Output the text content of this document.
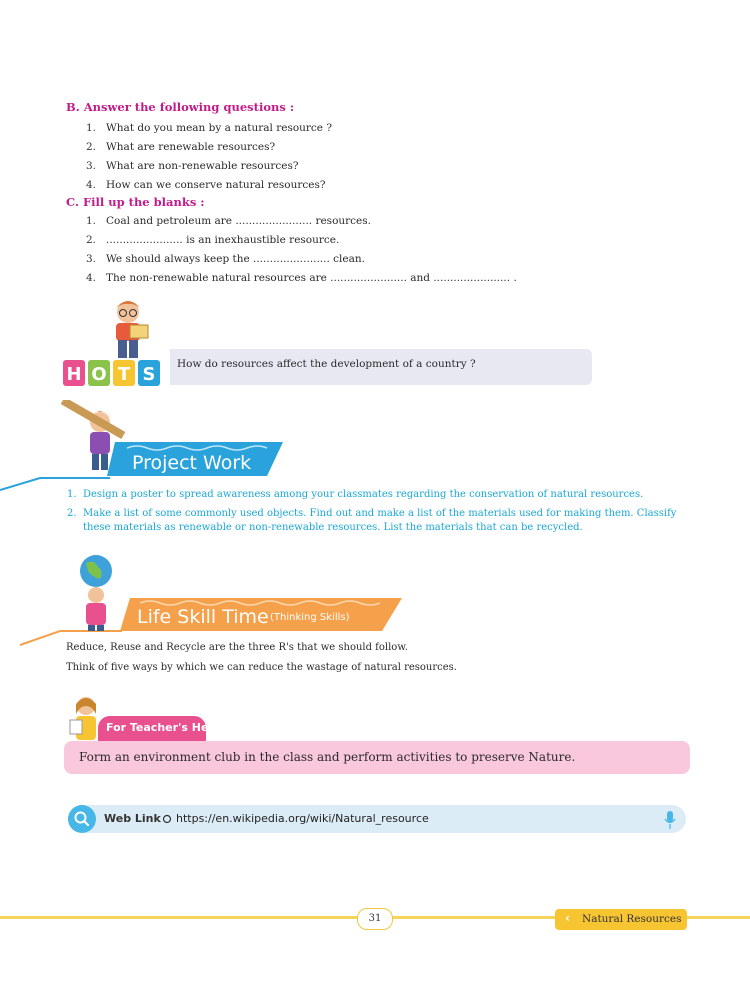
B. Answer the following questions :
1. What do you mean by a natural resource ?
2. What are renewable resources?
3. What are non-renewable resources?
4. How can we conserve natural resources?
C. Fill up the blanks :
1. Coal and petroleum are ....................... resources.
2. ....................... is an inexhaustible resource.
3. We should always keep the ....................... clean.
4. The non-renewable natural resources are ....................... and ....................... .
H O T S How do resources affect the development of a country ?
Project Work
1. Design a poster to spread awareness among your classmates regarding the conservation of natural resources.
2. Make a list of some commonly used objects. Find out and make a list of the materials used for making them. Classify these materials as renewable or non-renewable resources. List the materials that can be recycled.
Life Skill Time (Thinking Skills)
Reduce, Reuse and Recycle are the three R's that we should follow.
Think of five ways by which we can reduce the wastage of natural resources.
For Teacher's Help
Form an environment club in the class and perform activities to preserve Nature.
Web Link https://en.wikipedia.org/wiki/Natural_resource
31	‹ Natural Resources
